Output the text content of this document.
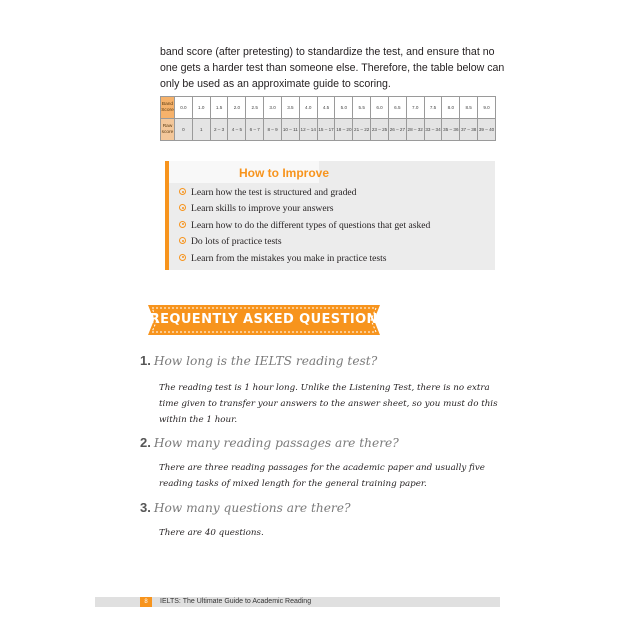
band score (after pretesting) to standardize the test, and ensure that no
one gets a harder test than someone else. Therefore, the table below can
only be used as an approximate guide to scoring.
Band Score	0.0	1.0	1.5	2.0	2.5	3.0	3.5	4.0	4.5	5.0	5.5	6.0	6.5	7.0	7.5	8.0	8.5	9.0
Raw score	0	1	2 – 3	4 – 5	6 – 7	8 – 9	10 – 11	12 – 14	15 – 17	18 – 20	21 – 22	23 – 25	26 – 27	28 – 32	33 – 34	35 – 36	37 – 38	39 – 40
How to Improve
Learn how the test is structured and graded
Learn skills to improve your answers
Learn how to do the different types of questions that get asked
Do lots of practice tests
Learn from the mistakes you make in practice tests
FREQUENTLY ASKED QUESTIONS
1. How long is the IELTS reading test?
The reading test is 1 hour long. Unlike the Listening Test, there is no extra
time given to transfer your answers to the answer sheet, so you must do this
within the 1 hour.
2. How many reading passages are there?
There are three reading passages for the academic paper and usually five
reading tasks of mixed length for the general training paper.
3. How many questions are there?
There are 40 questions.
8	IELTS: The Ultimate Guide to Academic Reading
